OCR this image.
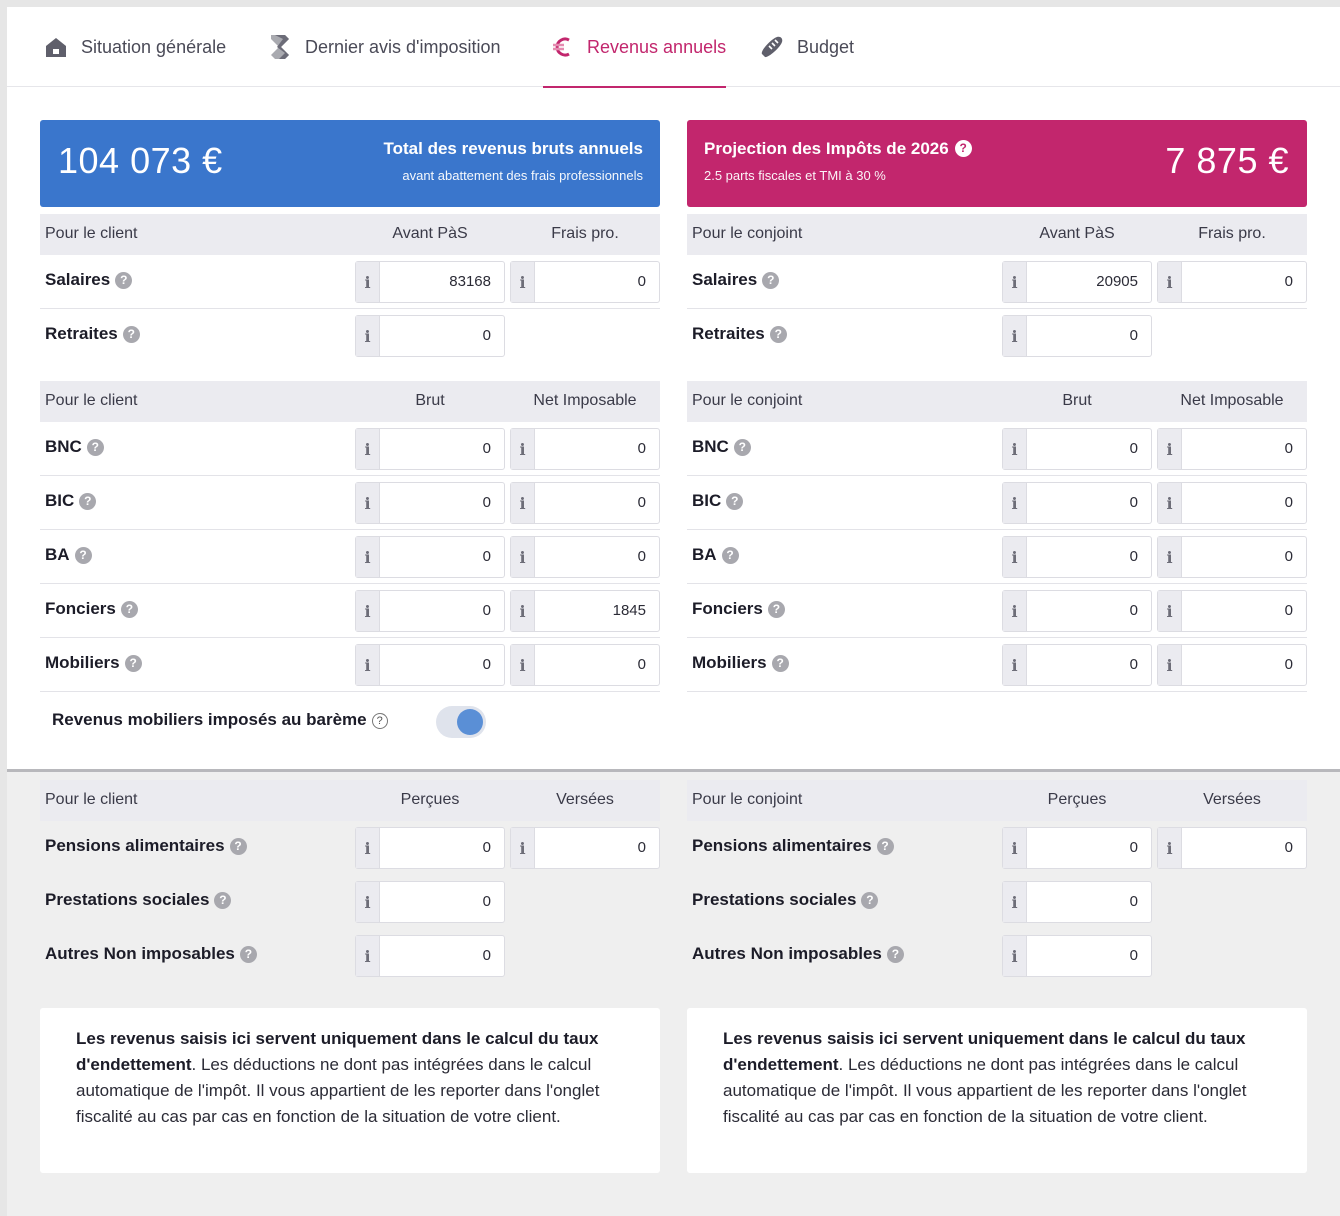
Situation générale	Dernier avis d'imposition	Revenus annuels	Budget
104 073 €	Total des revenus bruts annuels
avant abattement des frais professionnels
Projection des Impôts de 2026 ?
2.5 parts fiscales et TMI à 30 %	7 875 €
Pour le client	Avant PàS	Frais pro.
Salaires ?	i	83168	i	0
Retraites ?	i	0
Pour le client	Brut	Net Imposable
BNC ?	i	0	i	0
BIC ?	i	0	i	0
BA ?	i	0	i	0
Fonciers ?	i	0	i	1845
Mobiliers ?	i	0	i	0
Pour le client	Perçues	Versées
Pensions alimentaires ?	i	0	i	0
Prestations sociales ?	i	0
Autres Non imposables ?	i	0
Pour le conjoint	Avant PàS	Frais pro.
Salaires ?	i	20905	i	0
Retraites ?	i	0
Pour le conjoint	Brut	Net Imposable
BNC ?	i	0	i	0
BIC ?	i	0	i	0
BA ?	i	0	i	0
Fonciers ?	i	0	i	0
Mobiliers ?	i	0	i	0
Pour le conjoint	Perçues	Versées
Pensions alimentaires ?	i	0	i	0
Prestations sociales ?	i	0
Autres Non imposables ?	i	0
Revenus mobiliers imposés au barème ?
Les revenus saisis ici servent uniquement dans le calcul du taux d'endettement. Les déductions ne dont pas intégrées dans le calcul automatique de l'impôt. Il vous appartient de les reporter dans l'onglet fiscalité au cas par cas en fonction de la situation de votre client.
Les revenus saisis ici servent uniquement dans le calcul du taux d'endettement. Les déductions ne dont pas intégrées dans le calcul automatique de l'impôt. Il vous appartient de les reporter dans l'onglet fiscalité au cas par cas en fonction de la situation de votre client.
